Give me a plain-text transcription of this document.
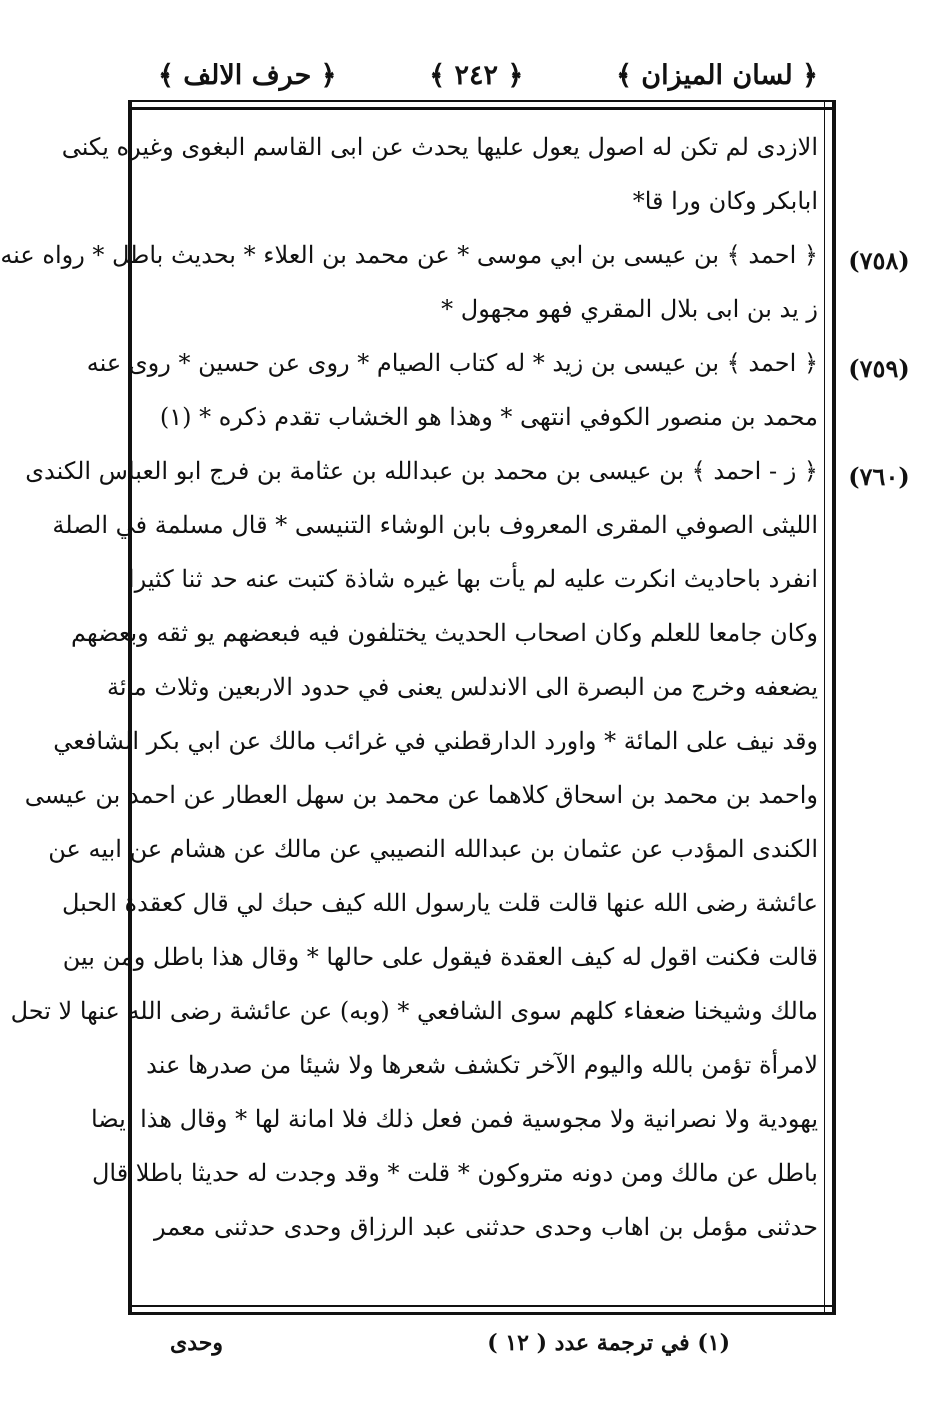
﴿ لسان الميزان ﴾
﴿ ٢٤٢ ﴾
﴿ حرف الالف ﴾
(٧٥٨)
(٧٥٩)
(٧٦٠)
الازدى لم تكن له اصول يعول عليها يحدث عن ابى القاسم البغوى وغيره يكنى
ابابكر وكان ورا قا*
﴿ احمد ﴾ بن عيسى بن ابي موسى * عن محمد بن العلاء * بحديث باطل * رواه عنه
ز يد بن ابى بلال المقري فهو مجهول *
﴿ احمد ﴾ بن عيسى بن زيد * له كتاب الصيام * روى عن حسين * روى عنه
محمد بن منصور الكوفي انتهى * وهذا هو الخشاب تقدم ذكره * (١)
﴿ ز - احمد ﴾ بن عيسى بن محمد بن عبدالله بن عثامة بن فرج ابو العباس الكندى
الليثى الصوفي المقرى المعروف بابن الوشاء التنيسى * قال مسلمة في الصلة
انفرد باحاديث انكرت عليه لم يأت بها غيره شاذة كتبت عنه حد ثنا كثيرا
وكان جامعا للعلم وكان اصحاب الحديث يختلفون فيه فبعضهم يو ثقه وبعضهم
يضعفه وخرج من البصرة الى الاندلس يعنى في حدود الاربعين وثلاث مائة
وقد نيف على المائة * واورد الدارقطني في غرائب مالك عن ابي بكر الشافعي
واحمد بن محمد بن اسحاق كلاهما عن محمد بن سهل العطار عن احمد بن عيسى
الكندى المؤدب عن عثمان بن عبدالله النصيبي عن مالك عن هشام عن ابيه عن
عائشة رضى الله عنها قالت قلت يارسول الله كيف حبك لي قال كعقدة الحبل
قالت فكنت اقول له كيف العقدة فيقول على حالها * وقال هذا باطل ومن بين
مالك وشيخنا ضعفاء كلهم سوى الشافعي * (وبه) عن عائشة رضى الله عنها لا تحل
لامرأة تؤمن بالله واليوم الآخر تكشف شعرها ولا شيئا من صدرها عند
يهودية ولا نصرانية ولا مجوسية فمن فعل ذلك فلا امانة لها * وقال هذا ايضا
باطل عن مالك ومن دونه متروكون * قلت * وقد وجدت له حديثا باطلا قال
حدثنى مؤمل بن اهاب وحدى حدثنى عبد الرزاق وحدى حدثنى معمر
(١) في ترجمة عدد ( ١٢ )
وحدى
